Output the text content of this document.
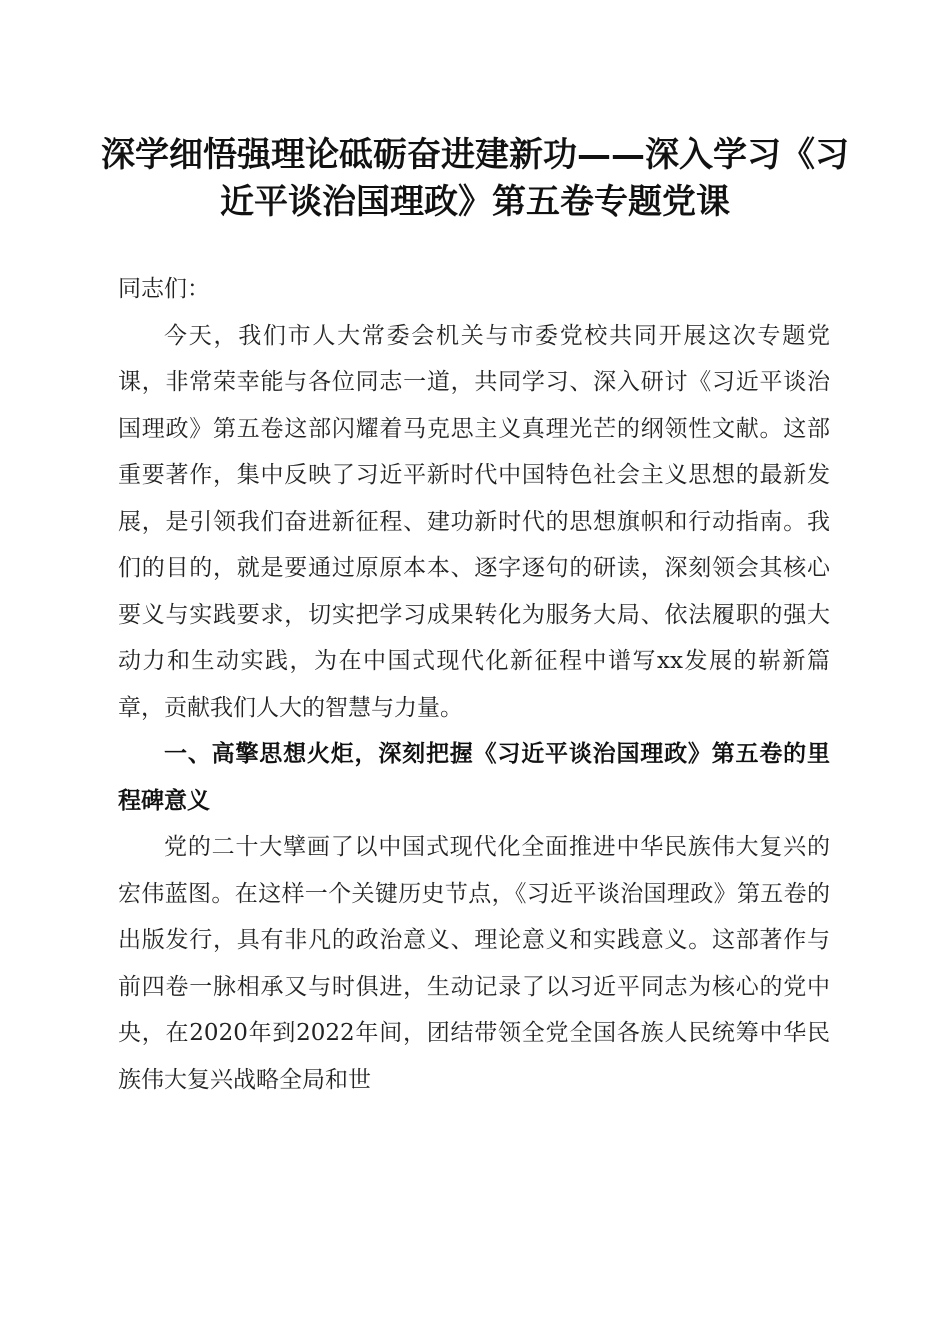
深学细悟强理论砥砺奋进建新功——深入学习《习近平谈治国理政》第五卷专题党课

同志们：

今天，我们市人大常委会机关与市委党校共同开展这次专题党课，非常荣幸能与各位同志一道，共同学习、深入研讨《习近平谈治国理政》第五卷这部闪耀着马克思主义真理光芒的纲领性文献。这部重要著作，集中反映了习近平新时代中国特色社会主义思想的最新发展，是引领我们奋进新征程、建功新时代的思想旗帜和行动指南。我们的目的，就是要通过原原本本、逐字逐句的研读，深刻领会其核心要义与实践要求，切实把学习成果转化为服务大局、依法履职的强大动力和生动实践，为在中国式现代化新征程中谱写xx发展的崭新篇章，贡献我们人大的智慧与力量。

一、高擎思想火炬，深刻把握《习近平谈治国理政》第五卷的里程碑意义

党的二十大擘画了以中国式现代化全面推进中华民族伟大复兴的宏伟蓝图。在这样一个关键历史节点，《习近平谈治国理政》第五卷的出版发行，具有非凡的政治意义、理论意义和实践意义。这部著作与前四卷一脉相承又与时俱进，生动记录了以习近平同志为核心的党中央，在2020年到2022年间，团结带领全党全国各族人民统筹中华民族伟大复兴战略全局和世
